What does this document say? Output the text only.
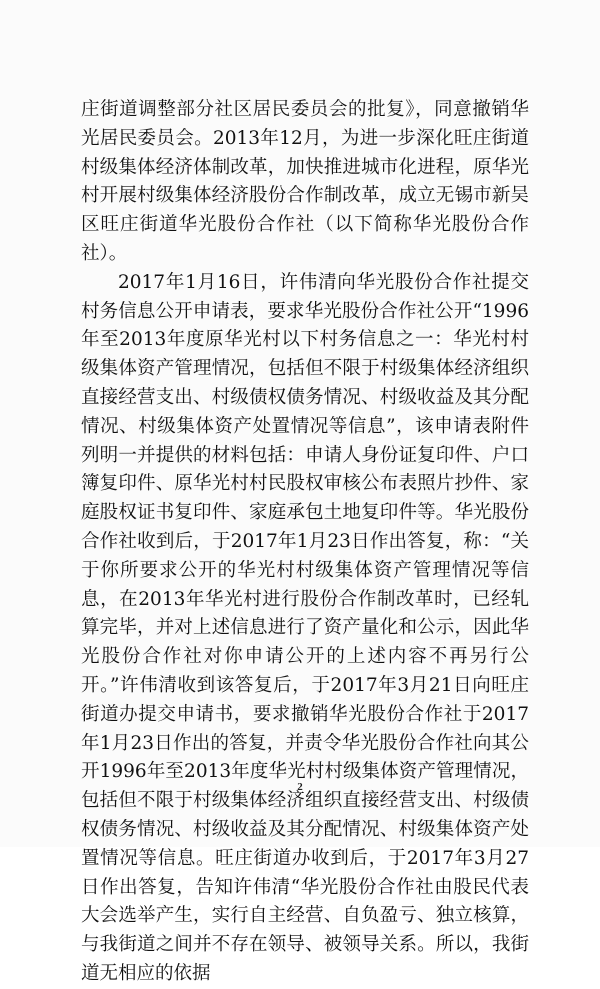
庄街道调整部分社区居民委员会的批复》，同意撤销华光居民委员会。2013年12月，为进一步深化旺庄街道村级集体经济体制改革，加快推进城市化进程，原华光村开展村级集体经济股份合作制改革，成立无锡市新吴区旺庄街道华光股份合作社（以下简称华光股份合作社）。

2017年1月16日，许伟清向华光股份合作社提交村务信息公开申请表，要求华光股份合作社公开“1996年至2013年度原华光村以下村务信息之一：华光村村级集体资产管理情况，包括但不限于村级集体经济组织直接经营支出、村级债权债务情况、村级收益及其分配情况、村级集体资产处置情况等信息”，该申请表附件列明一并提供的材料包括：申请人身份证复印件、户口簿复印件、原华光村村民股权审核公布表照片抄件、家庭股权证书复印件、家庭承包土地复印件等。华光股份合作社收到后，于2017年1月23日作出答复，称：“关于你所要求公开的华光村村级集体资产管理情况等信息，在2013年华光村进行股份合作制改革时，已经轧算完毕，并对上述信息进行了资产量化和公示，因此华光股份合作社对你申请公开的上述内容不再另行公开。”许伟清收到该答复后，于2017年3月21日向旺庄街道办提交申请书，要求撤销华光股份合作社于2017年1月23日作出的答复，并责令华光股份合作社向其公开1996年至2013年度华光村村级集体资产管理情况，包括但不限于村级集体经济组织直接经营支出、村级债权债务情况、村级收益及其分配情况、村级集体资产处置情况等信息。旺庄街道办收到后，于2017年3月27日作出答复，告知许伟清“华光股份合作社由股民代表大会选举产生，实行自主经营、自负盈亏、独立核算，与我街道之间并不存在领导、被领导关系。所以，我街道无相应的依据

2
